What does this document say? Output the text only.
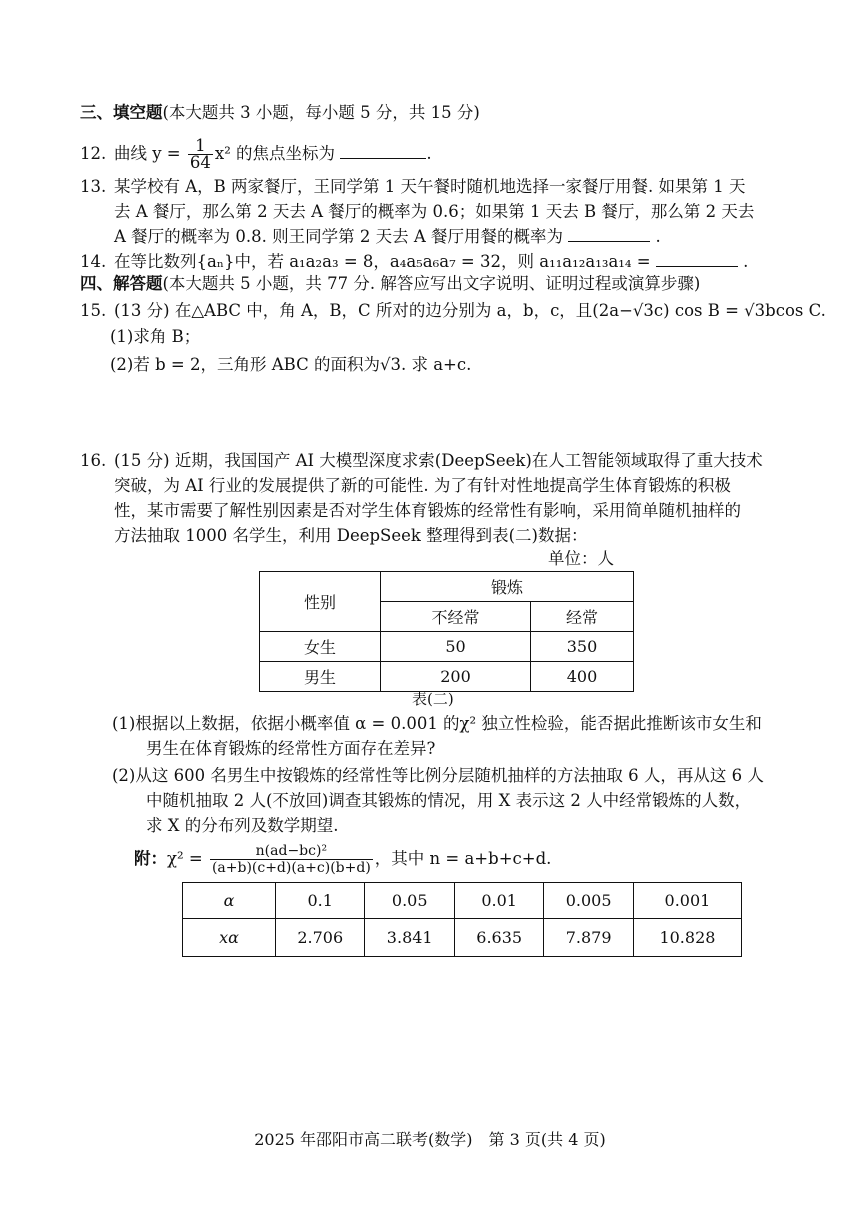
三、填空题(本大题共 3 小题，每小题 5 分，共 15 分)
12. 曲线 $y = \frac{1}{64} x^2$ 的焦点坐标为	.
13. 某学校有 A，B 两家餐厅，王同学第 1 天午餐时随机地选择一家餐厅用餐. 如果第 1 天
去 A 餐厅，那么第 2 天去 A 餐厅的概率为 0.6；如果第 1 天去 B 餐厅，那么第 2 天去
A 餐厅的概率为 0.8. 则王同学第 2 天去 A 餐厅用餐的概率为	.
14. 在等比数列{aₙ}中，若 a₁a₂a₃ = 8，a₄a₅a₆a₇ = 32，则 a₁₁a₁₂a₁₃a₁₄ =	.
四、解答题(本大题共 5 小题，共 77 分. 解答应写出文字说明、证明过程或演算步骤)
15. (13 分) 在△ABC 中，角 A，B，C 所对的边分别为 a，b，c，且(2a−√3c) cos B = √3bcos C.
(1)求角 B；
(2)若 b = 2，三角形 ABC 的面积为√3. 求 a+c.
16. (15 分) 近期，我国国产 AI 大模型深度求索(DeepSeek)在人工智能领域取得了重大技术
突破，为 AI 行业的发展提供了新的可能性. 为了有针对性地提高学生体育锻炼的积极
性，某市需要了解性别因素是否对学生体育锻炼的经常性有影响，采用简单随机抽样的
方法抽取 1000 名学生，利用 DeepSeek 整理得到表(二)数据：
单位：人
性别	锻炼	
	不经常	经常
女生	50	350
男生	200	400
表(二)
(1)根据以上数据，依据小概率值 α = 0.001 的χ² 独立性检验，能否据此推断该市女生和
男生在体育锻炼的经常性方面存在差异?
(2)从这 600 名男生中按锻炼的经常性等比例分层随机抽样的方法抽取 6 人，再从这 6 人
中随机抽取 2 人(不放回)调查其锻炼的情况，用 X 表示这 2 人中经常锻炼的人数，
求 X 的分布列及数学期望.
附：$\chi^2 = \frac{\text{n(ad−bc)²}}{(a+b)(c+d)(a+c)(b+d)}$ ，其中 n = a+b+c+d.
α	0.1	0.05	0.01	0.005	0.001
xα	2.706	3.841	6.635	7.879	10.828
2025 年邵阳市高二联考(数学)　第 3 页(共 4 页)
